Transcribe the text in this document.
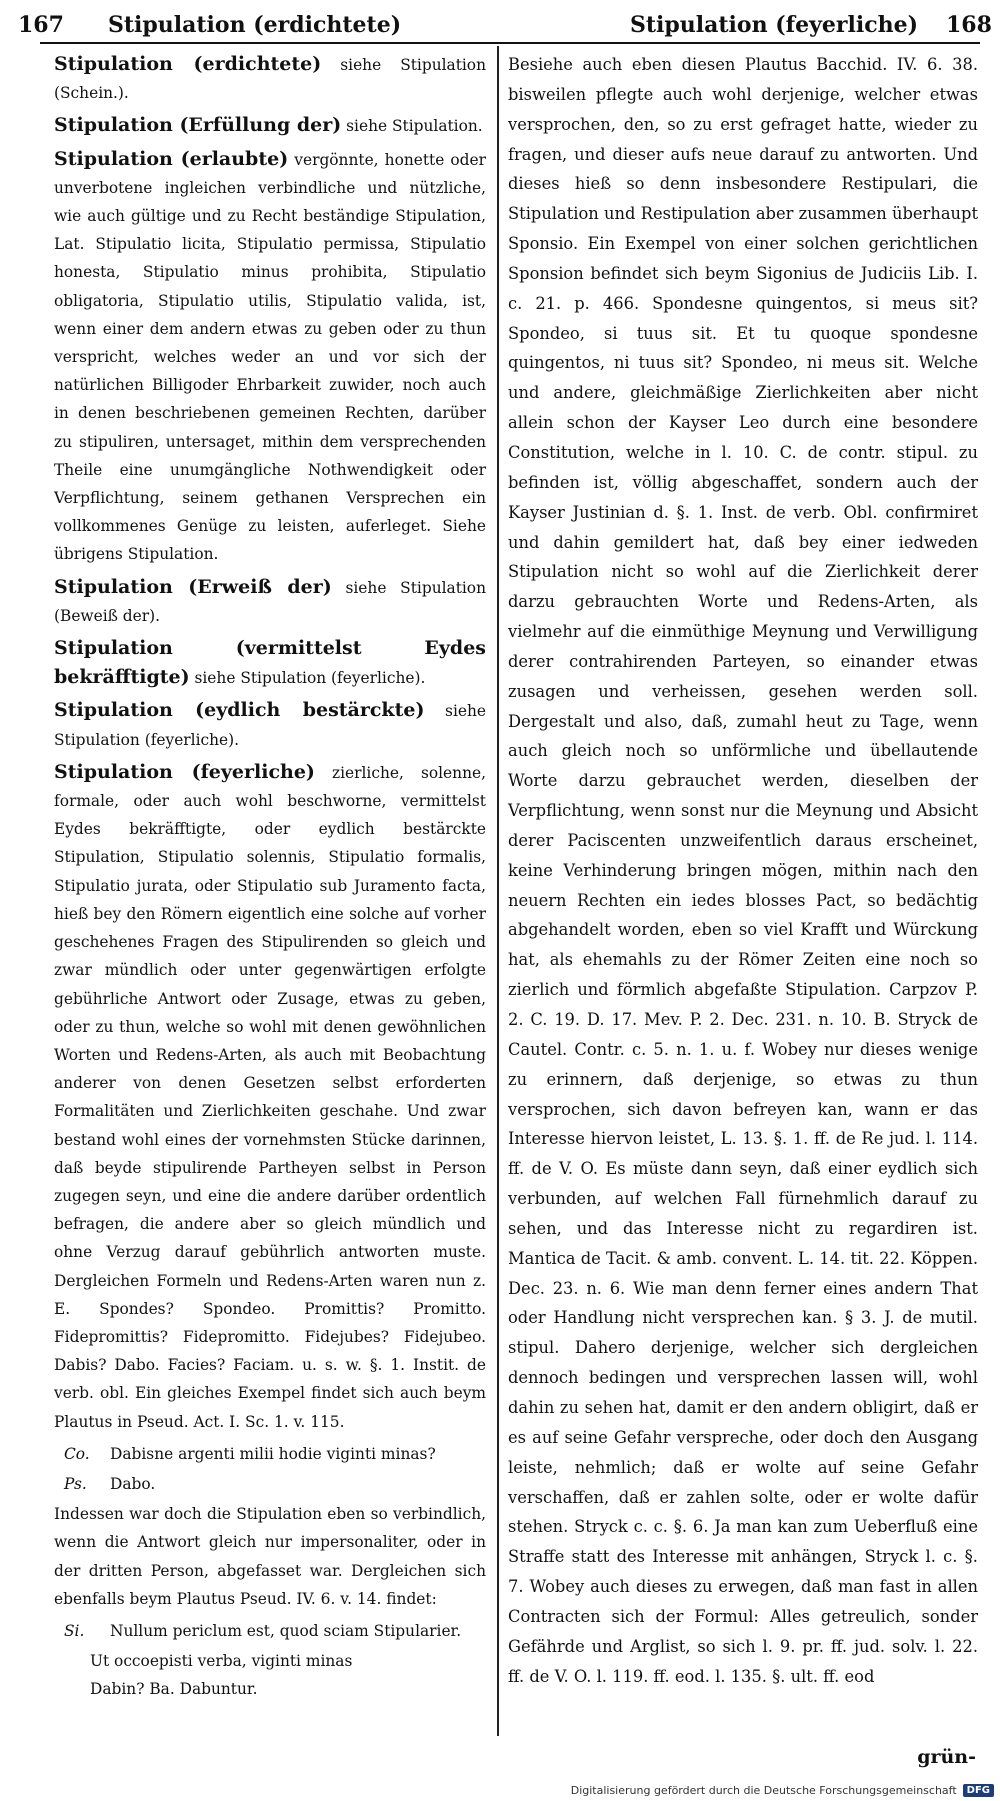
167 Stipulation (erdichtete)	Stipulation (feyerliche) 168

Stipulation (erdichtete) siehe Stipulation (Schein.).

Stipulation (Erfüllung der) siehe Stipulation.

Stipulation (erlaubte) vergönnte, honette oder unverbotene ingleichen verbindliche und nützliche, wie auch gültige und zu Recht beständige Stipulation, Lat. Stipulatio licita, Stipulatio permissa, Stipulatio honesta, Stipulatio minus prohibita, Stipulatio obligatoria, Stipulatio utilis, Stipulatio valida, ist, wenn einer dem andern etwas zu geben oder zu thun verspricht, welches weder an und vor sich der natürlichen Billigoder Ehrbarkeit zuwider, noch auch in denen beschriebenen gemeinen Rechten, darüber zu stipuliren, untersaget, mithin dem versprechenden Theile eine unumgängliche Nothwendigkeit oder Verpflichtung, seinem gethanen Versprechen ein vollkommenes Genüge zu leisten, auferleget. Siehe übrigens Stipulation.

Stipulation (Erweiß der) siehe Stipulation (Beweiß der).

Stipulation (vermittelst Eydes bekräfftigte) siehe Stipulation (feyerliche).

Stipulation (eydlich bestärckte) siehe Stipulation (feyerliche).

Stipulation (feyerliche) zierliche, solenne, formale, oder auch wohl beschworne, vermittelst Eydes bekräfftigte, oder eydlich bestärckte Stipulation, Stipulatio solennis, Stipulatio formalis, Stipulatio jurata, oder Stipulatio sub Juramento facta, hieß bey den Römern eigentlich eine solche auf vorher geschehenes Fragen des Stipulirenden so gleich und zwar mündlich oder unter gegenwärtigen erfolgte gebührliche Antwort oder Zusage, etwas zu geben, oder zu thun, welche so wohl mit denen gewöhnlichen Worten und Redens-Arten, als auch mit Beobachtung anderer von denen Gesetzen selbst erforderten Formalitäten und Zierlichkeiten geschahe. Und zwar bestand wohl eines der vornehmsten Stücke darinnen, daß beyde stipulirende Partheyen selbst in Person zugegen seyn, und eine die andere darüber ordentlich befragen, die andere aber so gleich mündlich und ohne Verzug darauf gebührlich antworten muste. Dergleichen Formeln und Redens-Arten waren nun z. E. Spondes? Spondeo. Promittis? Promitto. Fidepromittis? Fidepromitto. Fidejubes? Fidejubeo. Dabis? Dabo. Facies? Faciam. u. s. w. §. 1. Instit. de verb. obl. Ein gleiches Exempel findet sich auch beym Plautus in Pseud. Act. I. Sc. 1. v. 115.

Co. Dabisne argenti milii hodie viginti minas?

Ps. Dabo.

Indessen war doch die Stipulation eben so verbindlich, wenn die Antwort gleich nur impersonaliter, oder in der dritten Person, abgefasset war. Dergleichen sich ebenfalls beym Plautus Pseud. IV. 6. v. 14. findet:

Si. Nullum periclum est, quod sciam Stipularier.

Ut occoepisti verba, viginti minas

Dabin? Ba. Dabuntur.

Besiehe auch eben diesen Plautus Bacchid. IV. 6. 38. bisweilen pflegte auch wohl derjenige, welcher etwas versprochen, den, so zu erst gefraget hatte, wieder zu fragen, und dieser aufs neue darauf zu antworten. Und dieses hieß so denn insbesondere Restipulari, die Stipulation und Restipulation aber zusammen überhaupt Sponsio. Ein Exempel von einer solchen gerichtlichen Sponsion befindet sich beym Sigonius de Judiciis Lib. I. c. 21. p. 466. Spondesne quingentos, si meus sit? Spondeo, si tuus sit. Et tu quoque spondesne quingentos, ni tuus sit? Spondeo, ni meus sit. Welche und andere, gleichmäßige Zierlichkeiten aber nicht allein schon der Kayser Leo durch eine besondere Constitution, welche in l. 10. C. de contr. stipul. zu befinden ist, völlig abgeschaffet, sondern auch der Kayser Justinian d. §. 1. Inst. de verb. Obl. confirmiret und dahin gemildert hat, daß bey einer iedweden Stipulation nicht so wohl auf die Zierlichkeit derer darzu gebrauchten Worte und Redens-Arten, als vielmehr auf die einmüthige Meynung und Verwilligung derer contrahirenden Parteyen, so einander etwas zusagen und verheissen, gesehen werden soll. Dergestalt und also, daß, zumahl heut zu Tage, wenn auch gleich noch so unförmliche und übellautende Worte darzu gebrauchet werden, dieselben der Verpflichtung, wenn sonst nur die Meynung und Absicht derer Paciscenten unzweifentlich daraus erscheinet, keine Verhinderung bringen mögen, mithin nach den neuern Rechten ein iedes blosses Pact, so bedächtig abgehandelt worden, eben so viel Krafft und Würckung hat, als ehemahls zu der Römer Zeiten eine noch so zierlich und förmlich abgefaßte Stipulation. Carpzov P. 2. C. 19. D. 17. Mev. P. 2. Dec. 231. n. 10. B. Stryck de Cautel. Contr. c. 5. n. 1. u. f. Wobey nur dieses wenige zu erinnern, daß derjenige, so etwas zu thun versprochen, sich davon befreyen kan, wann er das Interesse hiervon leistet, L. 13. §. 1. ff. de Re jud. l. 114. ff. de V. O. Es müste dann seyn, daß einer eydlich sich verbunden, auf welchen Fall fürnehmlich darauf zu sehen, und das Interesse nicht zu regardiren ist. Mantica de Tacit. & amb. convent. L. 14. tit. 22. Köppen. Dec. 23. n. 6. Wie man denn ferner eines andern That oder Handlung nicht versprechen kan. § 3. J. de mutil. stipul. Dahero derjenige, welcher sich dergleichen dennoch bedingen und versprechen lassen will, wohl dahin zu sehen hat, damit er den andern obligirt, daß er es auf seine Gefahr verspreche, oder doch den Ausgang leiste, nehmlich; daß er wolte auf seine Gefahr verschaffen, daß er zahlen solte, oder er wolte dafür stehen. Stryck c. c. §. 6. Ja man kan zum Ueberfluß eine Straffe statt des Interesse mit anhängen, Stryck l. c. §. 7. Wobey auch dieses zu erwegen, daß man fast in allen Contracten sich der Formul: Alles getreulich, sonder Gefährde und Arglist, so sich l. 9. pr. ff. jud. solv. l. 22. ff. de V. O. l. 119. ff. eod. l. 135. §. ult. ff. eod

grün-
Digitalisierung gefördert durch die Deutsche Forschungsgemeinschaft	DFG
